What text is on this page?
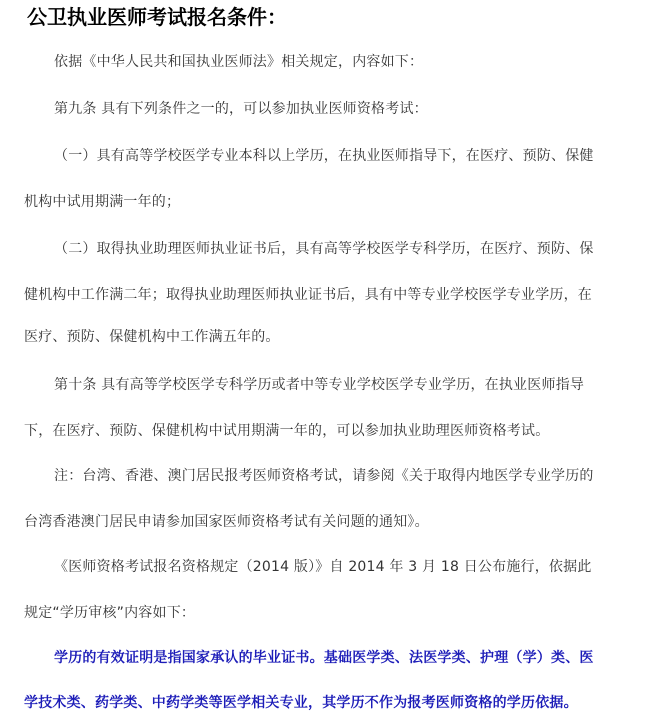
公卫执业医师考试报名条件：
依据《中华人民共和国执业医师法》相关规定，内容如下：
第九条 具有下列条件之一的，可以参加执业医师资格考试：
（一）具有高等学校医学专业本科以上学历，在执业医师指导下，在医疗、预防、保健
机构中试用期满一年的；
（二）取得执业助理医师执业证书后，具有高等学校医学专科学历，在医疗、预防、保
健机构中工作满二年；取得执业助理医师执业证书后，具有中等专业学校医学专业学历，在
医疗、预防、保健机构中工作满五年的。
第十条 具有高等学校医学专科学历或者中等专业学校医学专业学历，在执业医师指导
下，在医疗、预防、保健机构中试用期满一年的，可以参加执业助理医师资格考试。
注：台湾、香港、澳门居民报考医师资格考试，请参阅《关于取得内地医学专业学历的
台湾香港澳门居民申请参加国家医师资格考试有关问题的通知》。
《医师资格考试报名资格规定（2014 版）》自 2014 年 3 月 18 日公布施行，依据此
规定“学历审核”内容如下：
学历的有效证明是指国家承认的毕业证书。基础医学类、法医学类、护理（学）类、医
学技术类、药学类、中药学类等医学相关专业，其学历不作为报考医师资格的学历依据。
